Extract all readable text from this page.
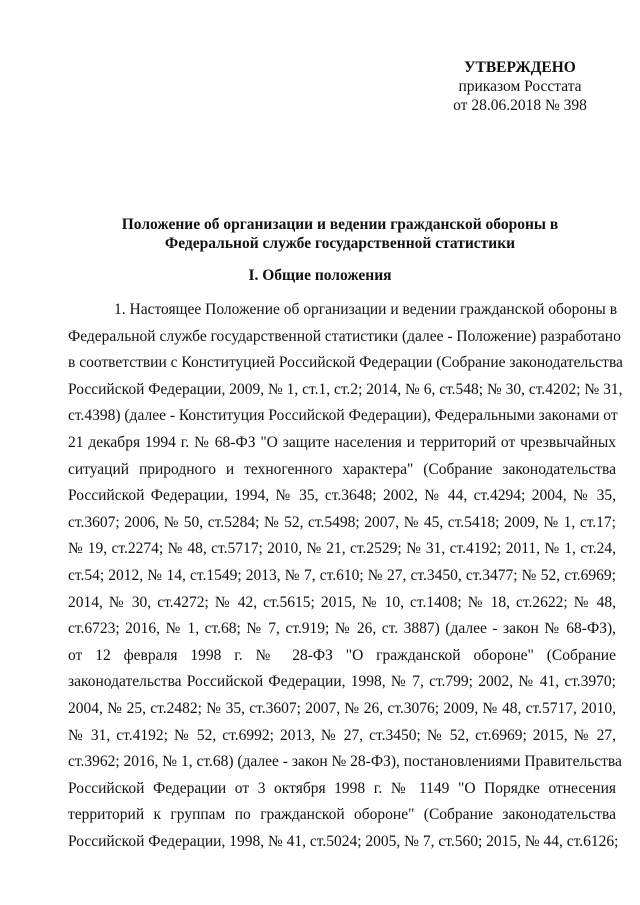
УТВЕРЖДЕНО
приказом Росстата
от 28.06.2018 № 398
Положение об организации и ведении гражданской обороны в
Федеральной службе государственной статистики
I. Общие положения
1. Настоящее Положение об организации и ведении гражданской обороны в
Федеральной службе государственной статистики (далее - Положение) разработано
в соответствии с Конституцией Российской Федерации (Собрание законодательства
Российской Федерации, 2009, № 1, ст.1, ст.2; 2014, № 6, ст.548; № 30, ст.4202; № 31,
ст.4398) (далее - Конституция Российской Федерации), Федеральными законами от
21 декабря 1994 г. № 68-ФЗ "О защите населения и территорий от чрезвычайных
ситуаций природного и техногенного характера" (Собрание законодательства
Российской Федерации, 1994, № 35, ст.3648; 2002, № 44, ст.4294; 2004, № 35,
ст.3607; 2006, № 50, ст.5284; № 52, ст.5498; 2007, № 45, ст.5418; 2009, № 1, ст.17;
№ 19, ст.2274; № 48, ст.5717; 2010, № 21, ст.2529; № 31, ст.4192; 2011, № 1, ст.24,
ст.54; 2012, № 14, ст.1549; 2013, № 7, ст.610; № 27, ст.3450, ст.3477; № 52, ст.6969;
2014, № 30, ст.4272; № 42, ст.5615; 2015, № 10, ст.1408; № 18, ст.2622; № 48,
ст.6723; 2016, № 1, ст.68; № 7, ст.919; № 26, ст. 3887) (далее - закон № 68-ФЗ),
от 12 февраля 1998 г. № 28-ФЗ "О гражданской обороне" (Собрание
законодательства Российской Федерации, 1998, № 7, ст.799; 2002, № 41, ст.3970;
2004, № 25, ст.2482; № 35, ст.3607; 2007, № 26, ст.3076; 2009, № 48, ст.5717, 2010,
№ 31, ст.4192; № 52, ст.6992; 2013, № 27, ст.3450; № 52, ст.6969; 2015, № 27,
ст.3962; 2016, № 1, ст.68) (далее - закон № 28-ФЗ), постановлениями Правительства
Российской Федерации от 3 октября 1998 г. № 1149 "О Порядке отнесения
территорий к группам по гражданской обороне" (Собрание законодательства
Российской Федерации, 1998, № 41, ст.5024; 2005, № 7, ст.560; 2015, № 44, ст.6126;
